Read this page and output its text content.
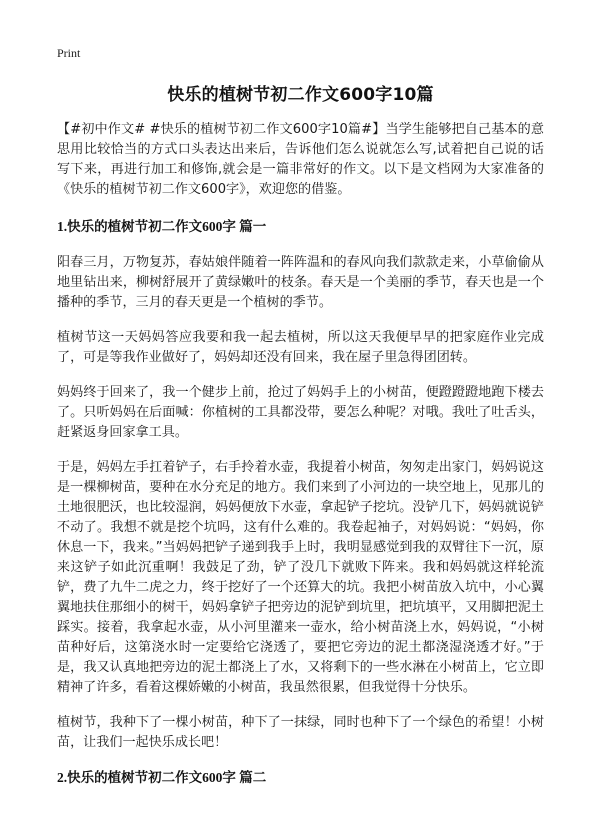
Print
快乐的植树节初二作文600字10篇

【#初中作文# #快乐的植树节初二作文600字10篇#】当学生能够把自己基本的意思用比较恰当的方式口头表达出来后，告诉他们怎么说就怎么写,试着把自己说的话写下来，再进行加工和修饰,就会是一篇非常好的作文。以下是文档网为大家准备的《快乐的植树节初二作文600字》，欢迎您的借鉴。

1.快乐的植树节初二作文600字 篇一

阳春三月，万物复苏，春姑娘伴随着一阵阵温和的春风向我们款款走来，小草偷偷从地里钻出来，柳树舒展开了黄绿嫩叶的枝条。春天是一个美丽的季节，春天也是一个播种的季节，三月的春天更是一个植树的季节。

植树节这一天妈妈答应我要和我一起去植树，所以这天我便早早的把家庭作业完成了，可是等我作业做好了，妈妈却还没有回来，我在屋子里急得团团转。

妈妈终于回来了，我一个健步上前，抢过了妈妈手上的小树苗，便蹬蹬蹬地跑下楼去了。只听妈妈在后面喊：你植树的工具都没带，要怎么种呢？对哦。我吐了吐舌头，赶紧返身回家拿工具。

于是，妈妈左手扛着铲子，右手拎着水壶，我提着小树苗，匆匆走出家门，妈妈说这是一棵柳树苗，要种在水分充足的地方。我们来到了小河边的一块空地上，见那儿的土地很肥沃，也比较湿润，妈妈便放下水壶，拿起铲子挖坑。没铲几下，妈妈就说铲不动了。我想不就是挖个坑吗，这有什么难的。我卷起袖子，对妈妈说：“妈妈，你休息一下，我来。”当妈妈把铲子递到我手上时，我明显感觉到我的双臂往下一沉，原来这铲子如此沉重啊！我鼓足了劲，铲了没几下就败下阵来。我和妈妈就这样轮流铲，费了九牛二虎之力，终于挖好了一个还算大的坑。我把小树苗放入坑中，小心翼翼地扶住那细小的树干，妈妈拿铲子把旁边的泥铲到坑里，把坑填平，又用脚把泥土踩实。接着，我拿起水壶，从小河里灌来一壶水，给小树苗浇上水，妈妈说，“小树苗种好后，这第浇水时一定要给它浇透了，要把它旁边的泥土都浇湿浇透才好。”于是，我又认真地把旁边的泥土都浇上了水，又将剩下的一些水淋在小树苗上，它立即精神了许多，看着这棵娇嫩的小树苗，我虽然很累，但我觉得十分快乐。

植树节，我种下了一棵小树苗，种下了一抹绿，同时也种下了一个绿色的希望！小树苗，让我们一起快乐成长吧！

2.快乐的植树节初二作文600字 篇二
